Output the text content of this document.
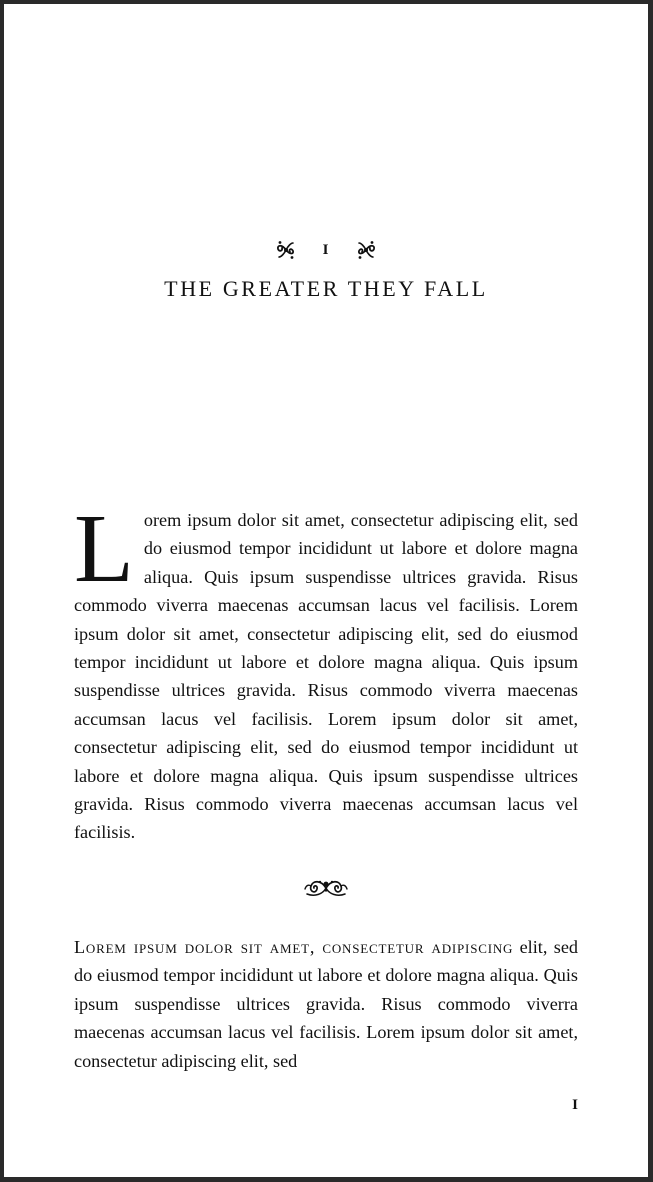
I
THE GREATER THEY FALL

Lorem ipsum dolor sit amet, consectetur adipiscing elit, sed do eiusmod tempor incididunt ut labore et dolore magna aliqua. Quis ipsum suspendisse ultrices gravida. Risus commodo viverra maecenas accumsan lacus vel facilisis. Lorem ipsum dolor sit amet, consectetur adipiscing elit, sed do eiusmod tempor incididunt ut labore et dolore magna aliqua. Quis ipsum suspendisse ultrices gravida. Risus commodo viverra maecenas accumsan lacus vel facilisis. Lorem ipsum dolor sit amet, consectetur adipiscing elit, sed do eiusmod tempor incididunt ut labore et dolore magna aliqua. Quis ipsum suspendisse ultrices gravida. Risus commodo viverra maecenas accumsan lacus vel facilisis.

Lorem ipsum dolor sit amet, consectetur adipiscing elit, sed do eiusmod tempor incididunt ut labore et dolore magna aliqua. Quis ipsum suspendisse ultrices gravida. Risus commodo viverra maecenas accumsan lacus vel facilisis. Lorem ipsum dolor sit amet, consectetur adipiscing elit, sed

I
